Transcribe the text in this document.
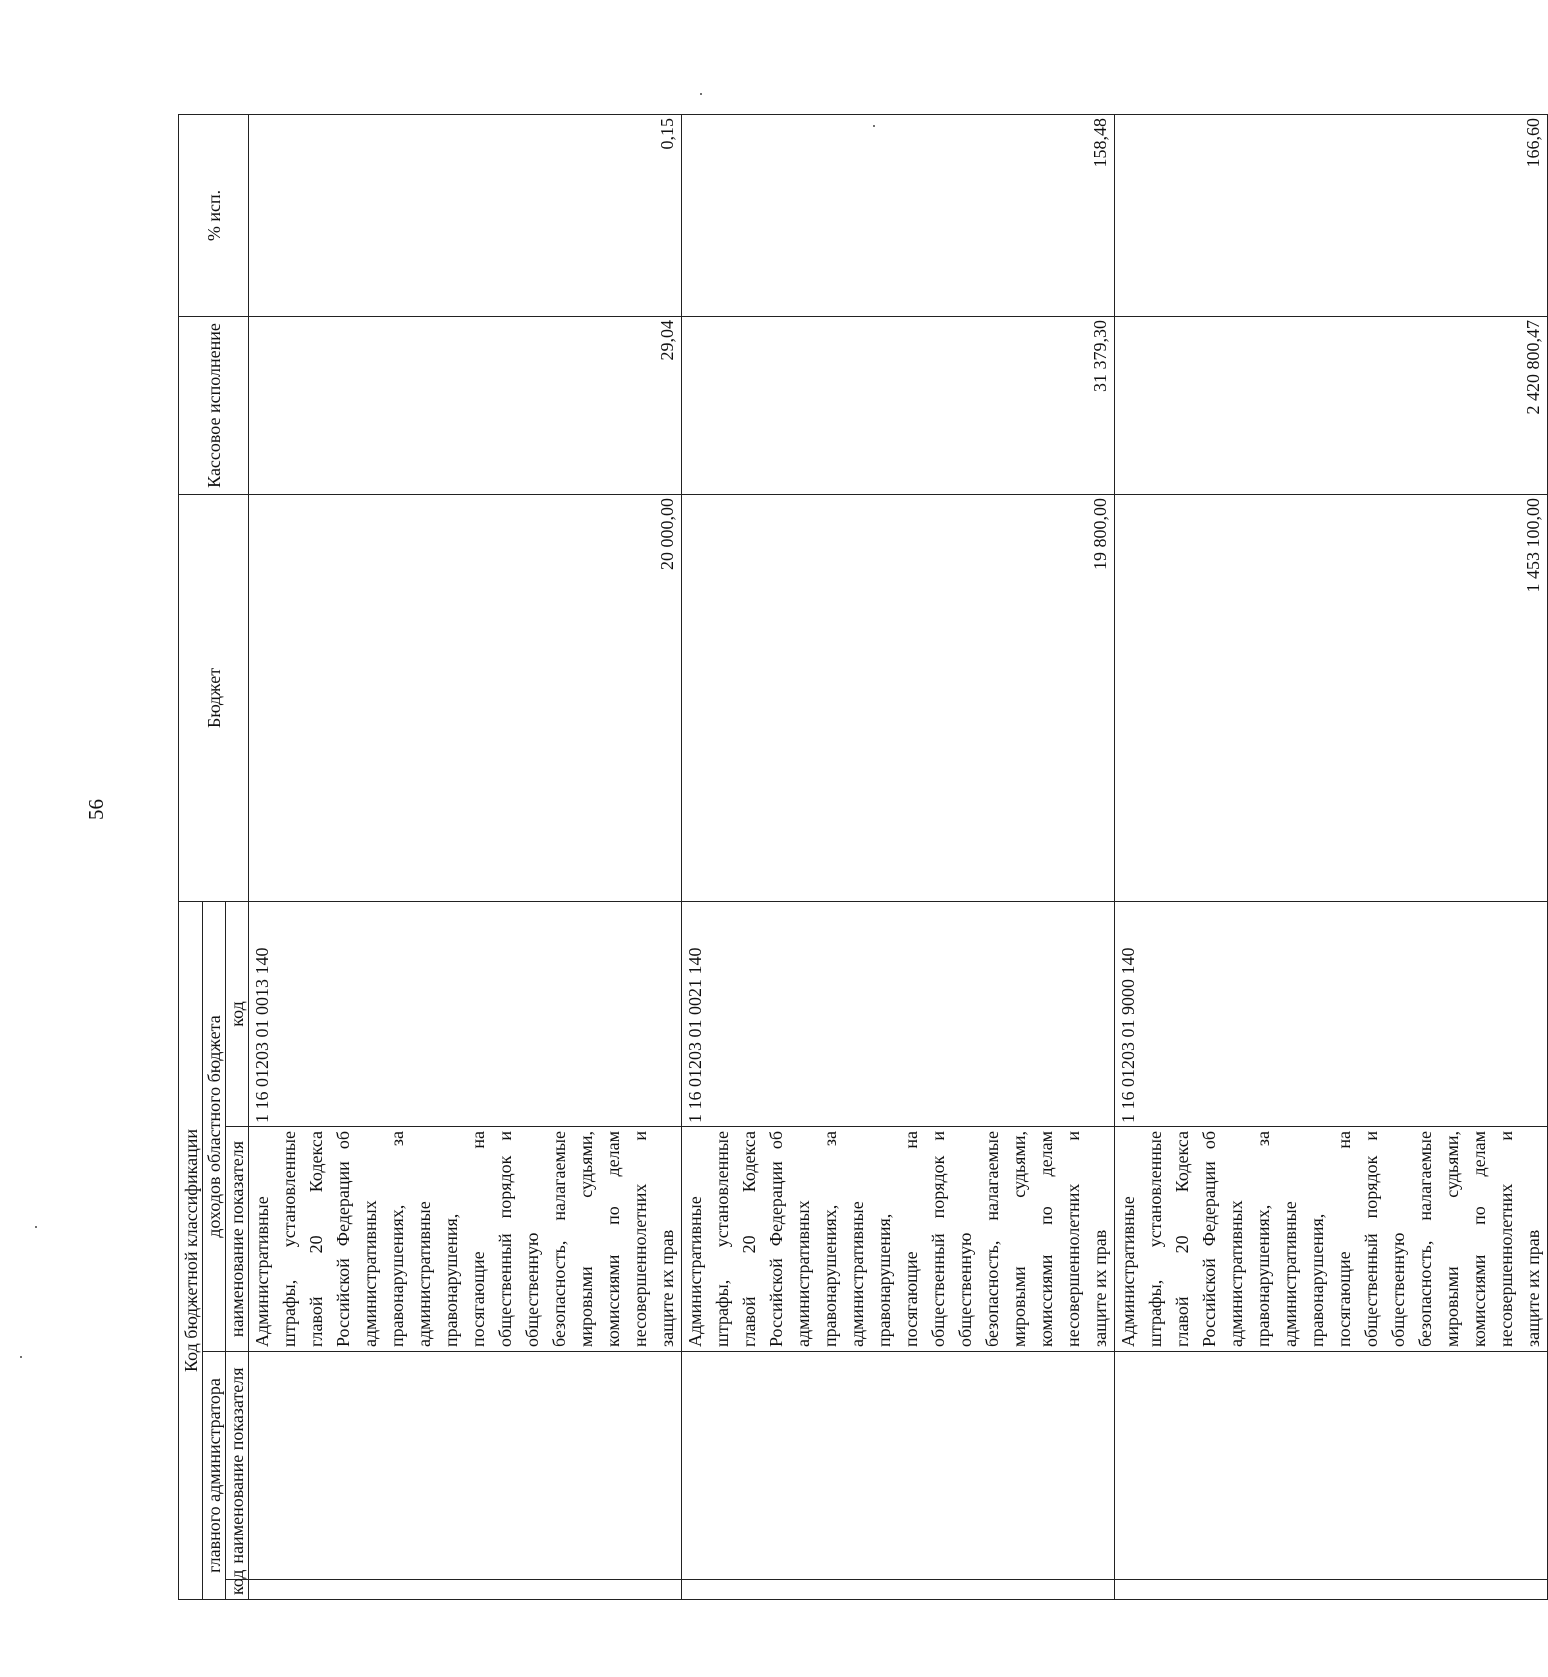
56
Код бюджетной классификации				Бюджет	Кассовое исполнение	% исп.
главного администратора		доходов областного бюджета				
код	наименование показателя	наименование показателя	код			
		Административные штрафы, установленные главой 20 Кодекса Российской Федерации об административных правонарушениях, за административные правонарушения, посягающие на общественный порядок и общественную безопасность, налагаемые мировыми судьями, комиссиями по делам несовершеннолетних и защите их прав	1 16 01203 01 0013 140	20 000,00	29,04	0,15
		Административные штрафы, установленные главой 20 Кодекса Российской Федерации об административных правонарушениях, за административные правонарушения, посягающие на общественный порядок и общественную безопасность, налагаемые мировыми судьями, комиссиями по делам несовершеннолетних и защите их прав	1 16 01203 01 0021 140	19 800,00	31 379,30	158,48
		Административные штрафы, установленные главой 20 Кодекса Российской Федерации об административных правонарушениях, за административные правонарушения, посягающие на общественный порядок и общественную безопасность, налагаемые мировыми судьями, комиссиями по делам несовершеннолетних и защите их прав	1 16 01203 01 9000 140	1 453 100,00	2 420 800,47	166,60
